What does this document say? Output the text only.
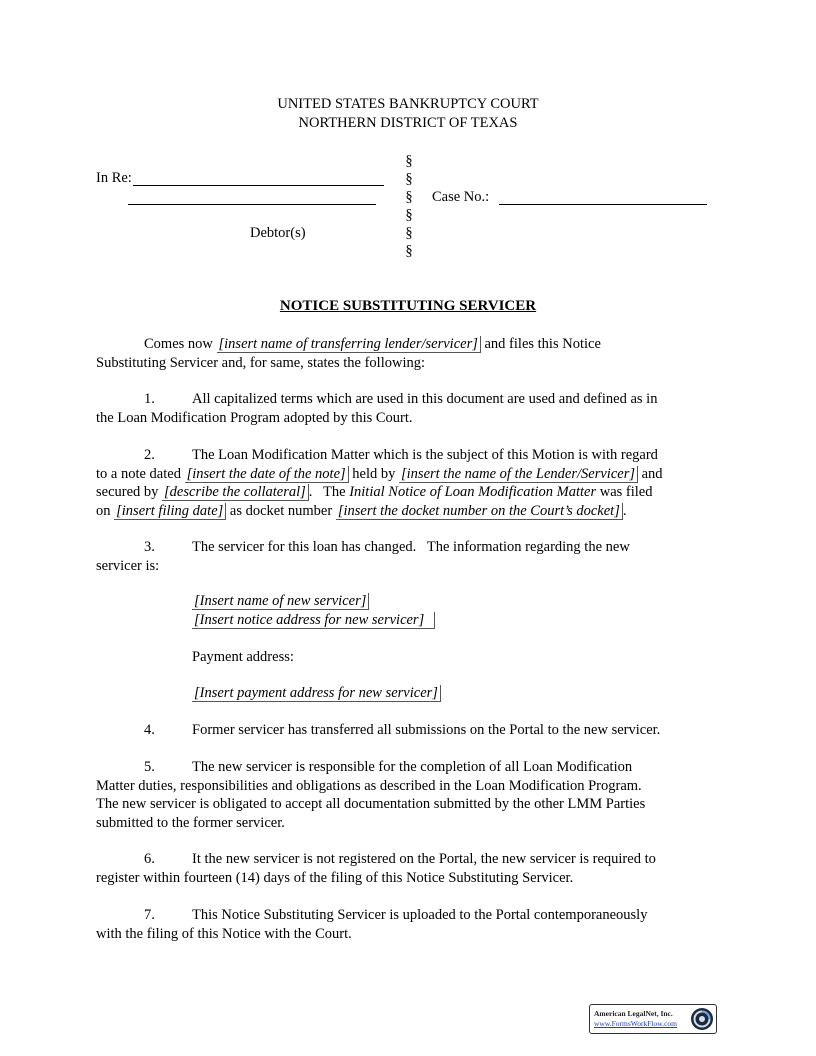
UNITED STATES BANKRUPTCY COURT
NORTHERN DISTRICT OF TEXAS
In Re:
Debtor(s)
§
§
§
§
§
§
Case No.:
NOTICE SUBSTITUTING SERVICER
Comes now [insert name of transferring lender/servicer] and files this Notice
Substituting Servicer and, for same, states the following:
1.	All capitalized terms which are used in this document are used and defined as in
the Loan Modification Program adopted by this Court.
2.	The Loan Modification Matter which is the subject of this Motion is with regard
to a note dated [insert the date of the note] held by [insert the name of the Lender/Servicer] and
secured by [describe the collateral] .   The Initial Notice of Loan Modification Matter was filed
on [insert filing date] as docket number [insert the docket number on the Court’s docket] .
3.	The servicer for this loan has changed.   The information regarding the new
servicer is:
[Insert name of new servicer]
[Insert notice address for new servicer]
Payment address:
[Insert payment address for new servicer]
4.	Former servicer has transferred all submissions on the Portal to the new servicer.
5.	The new servicer is responsible for the completion of all Loan Modification
Matter duties, responsibilities and obligations as described in the Loan Modification Program.
The new servicer is obligated to accept all documentation submitted by the other LMM Parties
submitted to the former servicer.
6.	It the new servicer is not registered on the Portal, the new servicer is required to
register within fourteen (14) days of the filing of this Notice Substituting Servicer.
7.	This Notice Substituting Servicer is uploaded to the Portal contemporaneously
with the filing of this Notice with the Court.
American LegalNet, Inc.
www.FormsWorkFlow.com
